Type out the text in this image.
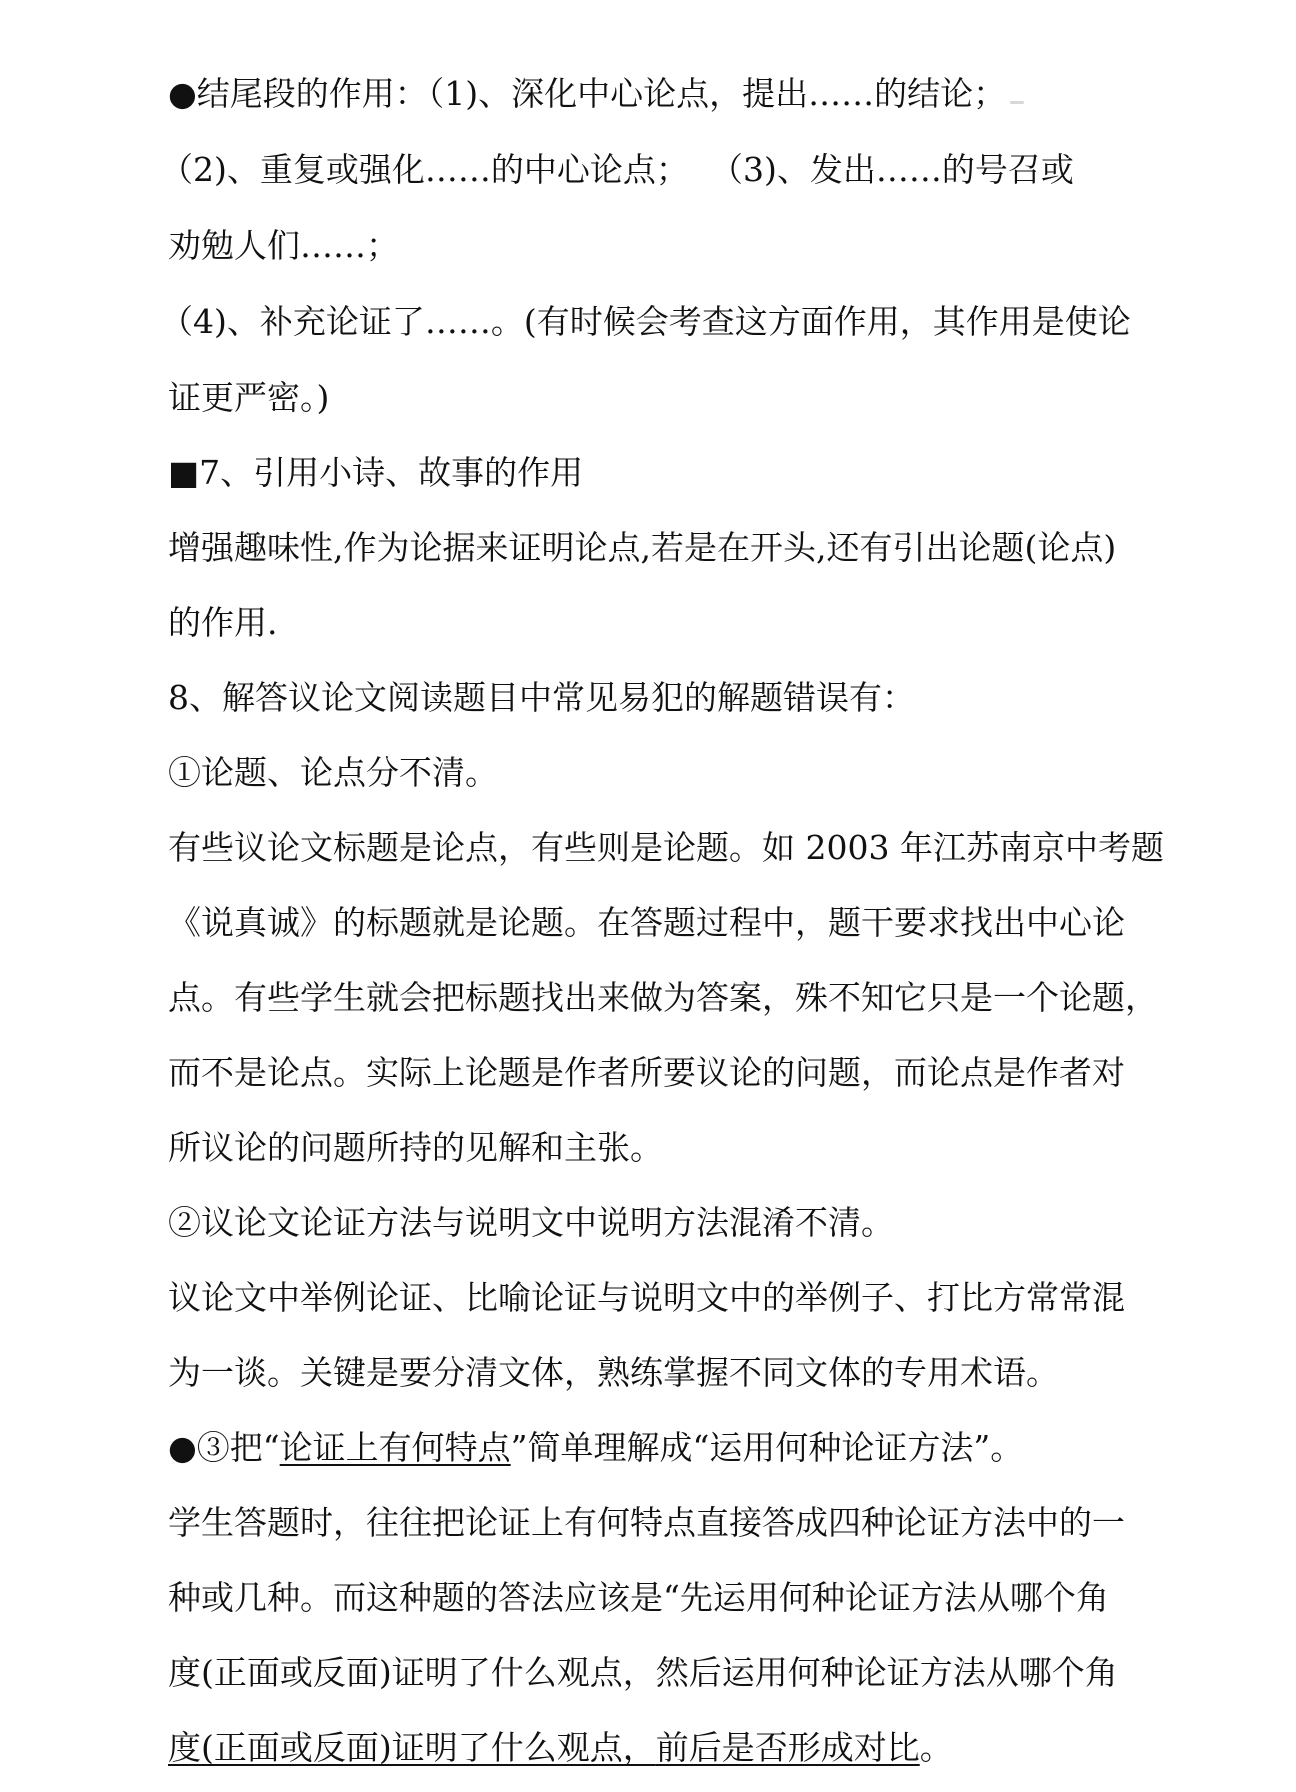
●结尾段的作用：（1)、深化中心论点，提出……的结论；
（2)、重复或强化……的中心论点； （3)、发出……的号召或
劝勉人们……；
（4)、补充论证了……。(有时候会考查这方面作用，其作用是使论
证更严密。)
■7、引用小诗、故事的作用
增强趣味性,作为论据来证明论点,若是在开头,还有引出论题(论点)
的作用.
8、解答议论文阅读题目中常见易犯的解题错误有：
①论题、论点分不清。
有些议论文标题是论点，有些则是论题。如 2003 年江苏南京中考题
《说真诚》的标题就是论题。在答题过程中，题干要求找出中心论
点。有些学生就会把标题找出来做为答案，殊不知它只是一个论题，
而不是论点。实际上论题是作者所要议论的问题，而论点是作者对
所议论的问题所持的见解和主张。
②议论文论证方法与说明文中说明方法混淆不清。
议论文中举例论证、比喻论证与说明文中的举例子、打比方常常混
为一谈。关键是要分清文体，熟练掌握不同文体的专用术语。
●③把“论证上有何特点”简单理解成“运用何种论证方法”。
学生答题时，往往把论证上有何特点直接答成四种论证方法中的一
种或几种。而这种题的答法应该是“先运用何种论证方法从哪个角
度(正面或反面)证明了什么观点，然后运用何种论证方法从哪个角
度(正面或反面)证明了什么观点，前后是否形成对比。
